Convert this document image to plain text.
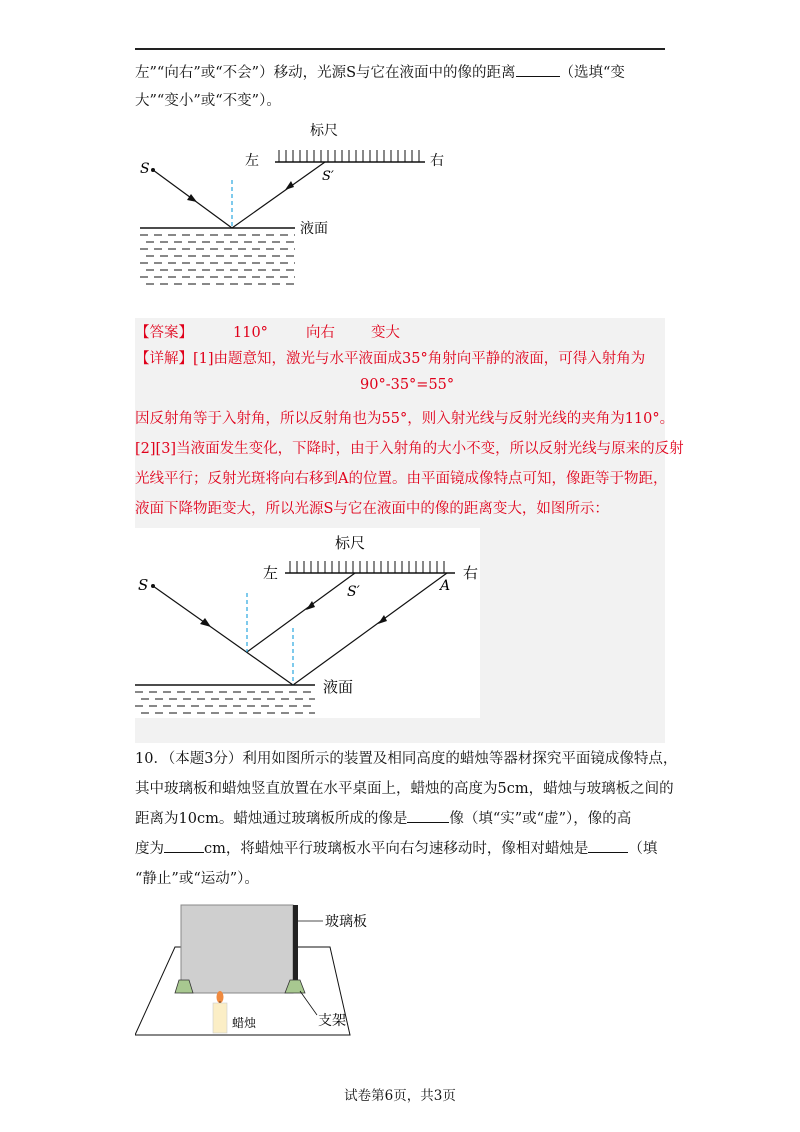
左”“向右”或“不会”）移动，光源S与它在液面中的像的距离	（选填“变
大”“变小”或“不变”）。
标尺
左	右
S	S′
液面
【答案】	110°	向右 变大
【详解】[1]由题意知，激光与水平液面成35°角射向平静的液面，可得入射角为
90°-35°=55°
因反射角等于入射角，所以反射角也为55°，则入射光线与反射光线的夹角为110°。
[2][3]当液面发生变化，下降时，由于入射角的大小不变，所以反射光线与原来的反射
光线平行；反射光斑将向右移到A的位置。由平面镜成像特点可知，像距等于物距，
液面下降物距变大，所以光源S与它在液面中的像的距离变大，如图所示：
标尺
左	右
S	S′	A
液面
10．（本题3分）利用如图所示的装置及相同高度的蜡烛等器材探究平面镜成像特点，
其中玻璃板和蜡烛竖直放置在水平桌面上，蜡烛的高度为5cm，蜡烛与玻璃板之间的
距离为10cm。蜡烛通过玻璃板所成的像是	像（填“实”或“虚”），像的高
度为	cm，将蜡烛平行玻璃板水平向右匀速移动时，像相对蜡烛是	（填
“静止”或“运动”）。
玻璃板
蜡烛	支架
试卷第6页，共3页
